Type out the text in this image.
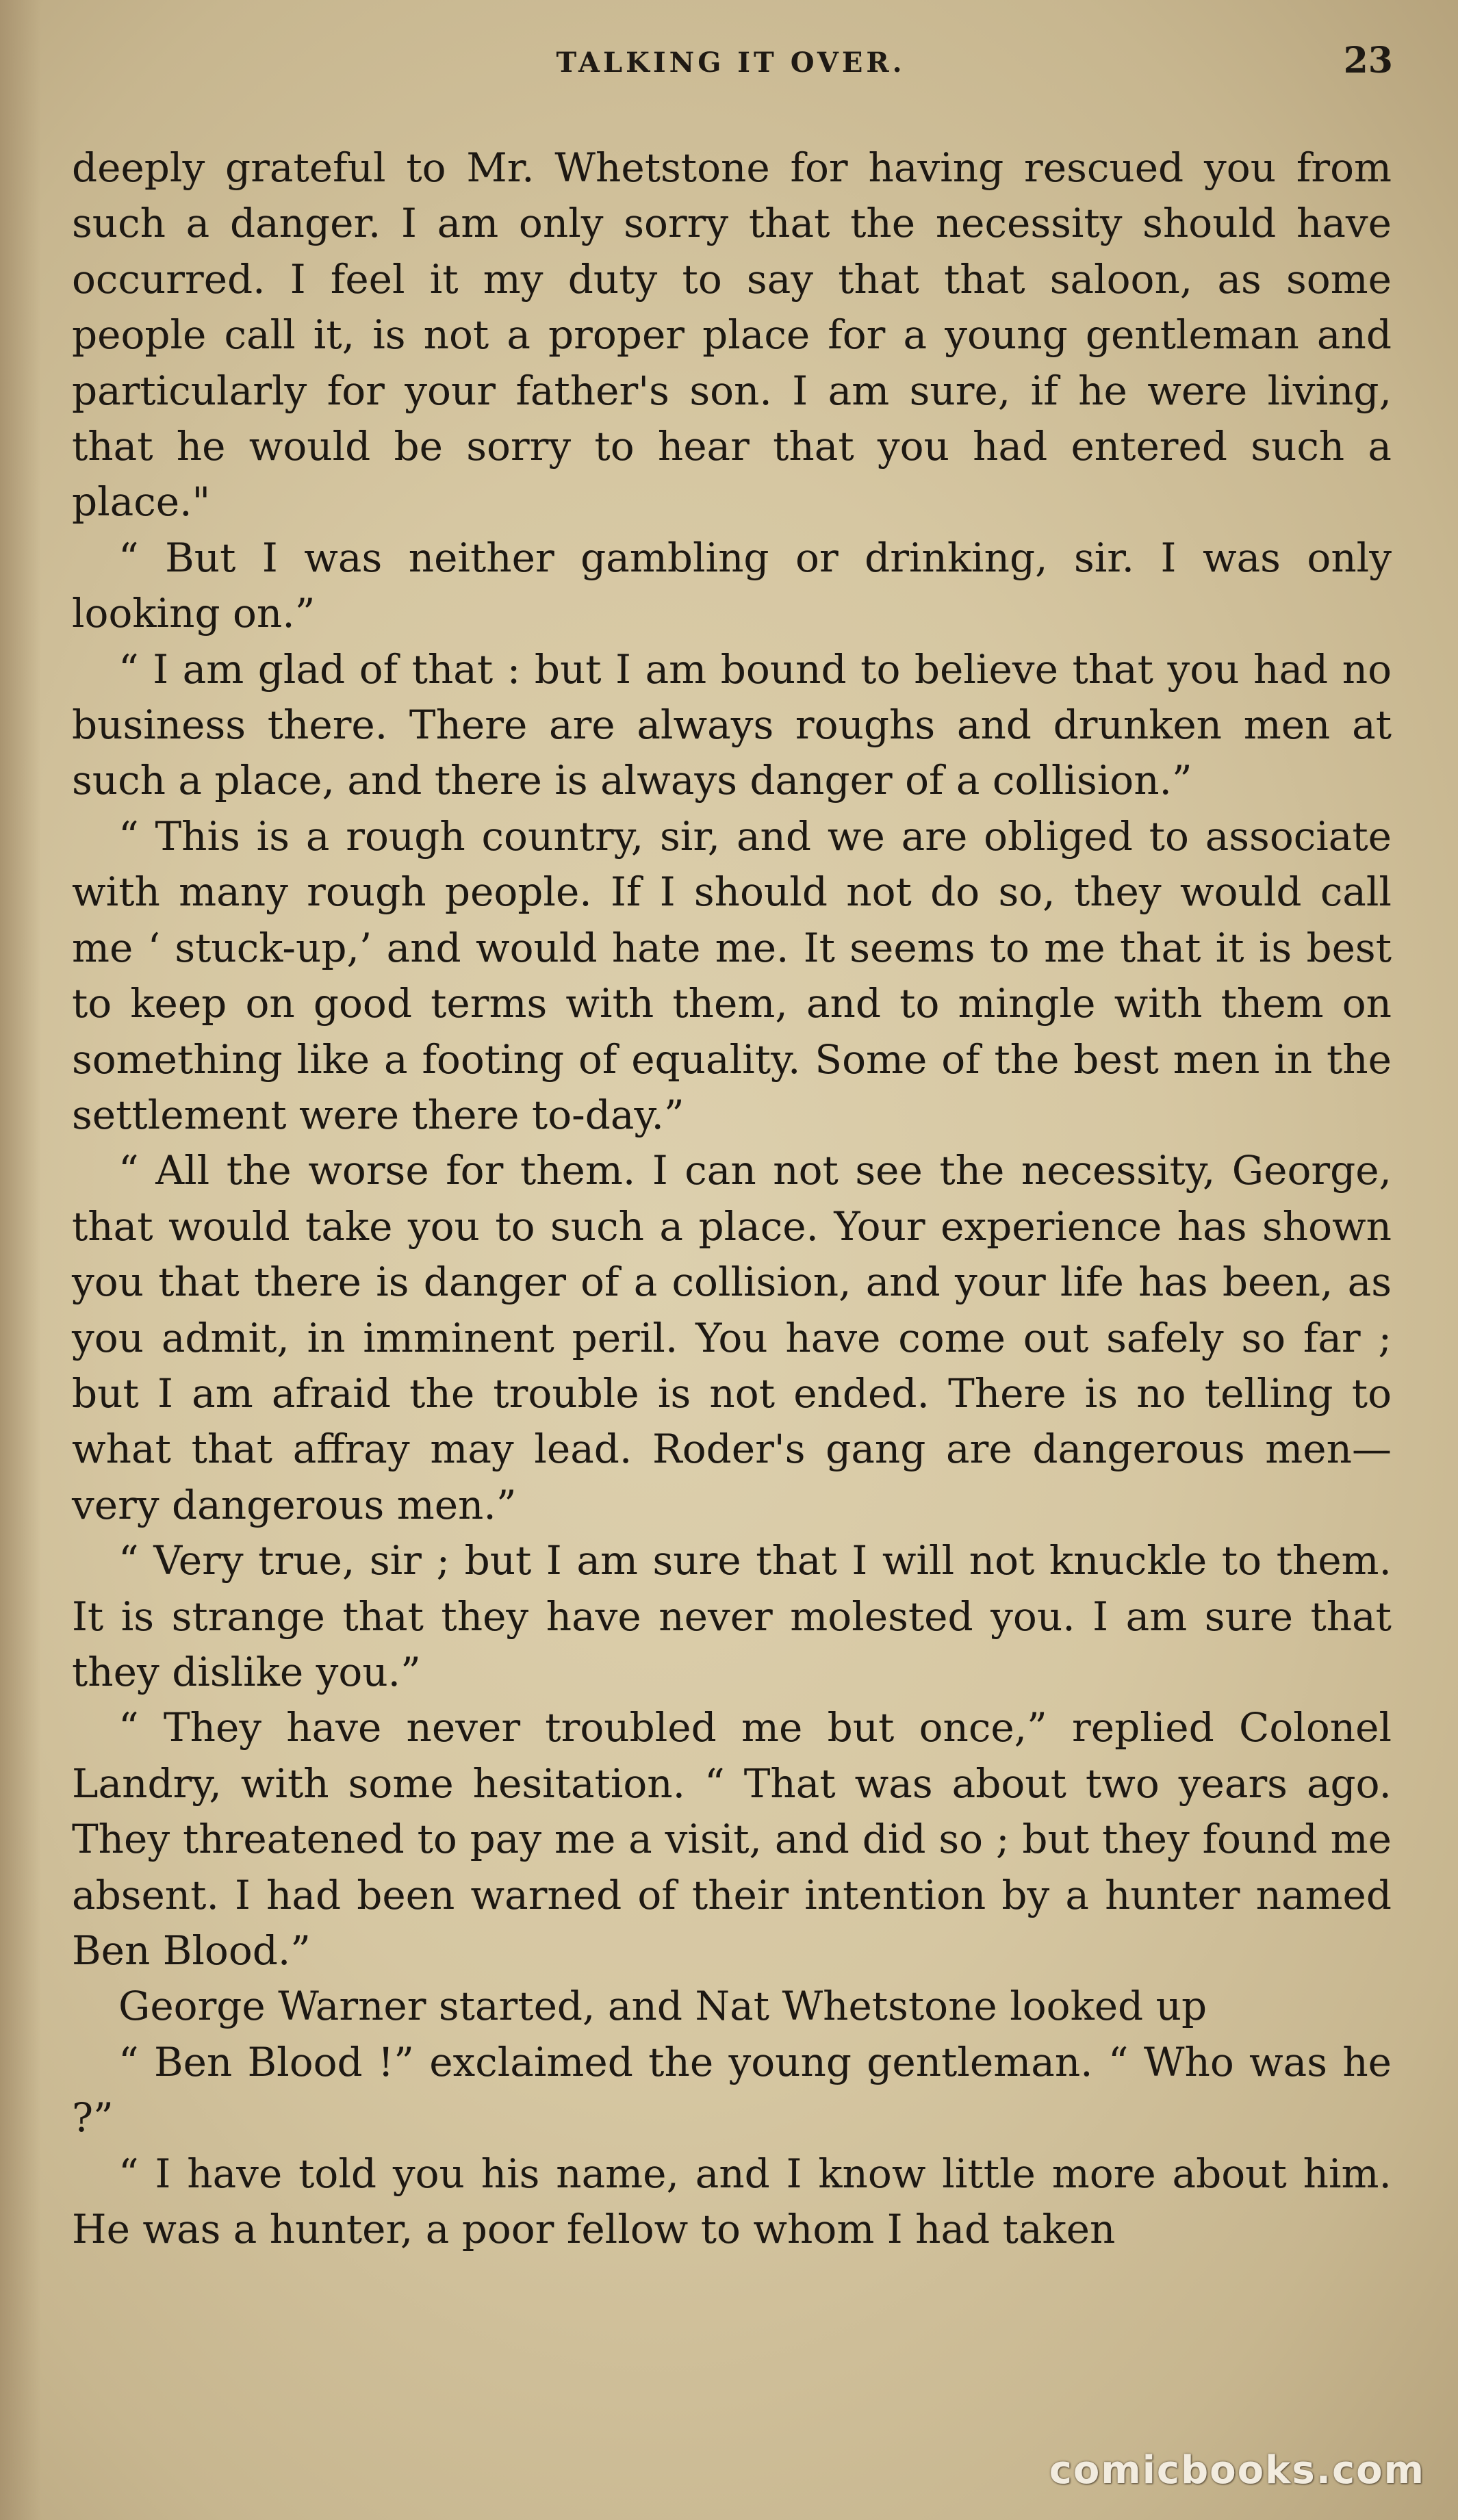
TALKING IT OVER.	23

deeply grateful to Mr. Whetstone for having rescued you from such a danger. I am only sorry that the necessity should have occurred. I feel it my duty to say that that saloon, as some people call it, is not a proper place for a young gentleman and particularly for your father's son. I am sure, if he were living, that he would be sorry to hear that you had entered such a place."

“ But I was neither gambling or drinking, sir. I was only looking on.”

“ I am glad of that : but I am bound to believe that you had no business there. There are always roughs and drunken men at such a place, and there is always danger of a collision.”

“ This is a rough country, sir, and we are obliged to associate with many rough people. If I should not do so, they would call me ‘ stuck-up,’ and would hate me. It seems to me that it is best to keep on good terms with them, and to mingle with them on something like a footing of equality. Some of the best men in the settlement were there to-day.”

“ All the worse for them. I can not see the necessity, George, that would take you to such a place. Your experience has shown you that there is danger of a collision, and your life has been, as you admit, in imminent peril. You have come out safely so far ; but I am afraid the trouble is not ended. There is no telling to what that affray may lead. Roder's gang are dangerous men—very dangerous men.”

“ Very true, sir ; but I am sure that I will not knuckle to them. It is strange that they have never molested you. I am sure that they dislike you.”

“ They have never troubled me but once,” replied Colonel Landry, with some hesitation. “ That was about two years ago. They threatened to pay me a visit, and did so ; but they found me absent. I had been warned of their intention by a hunter named Ben Blood.”

George Warner started, and Nat Whetstone looked up

“ Ben Blood !” exclaimed the young gentleman. “ Who was he ?”

“ I have told you his name, and I know little more about him. He was a hunter, a poor fellow to whom I had taken

comicbooks.com
